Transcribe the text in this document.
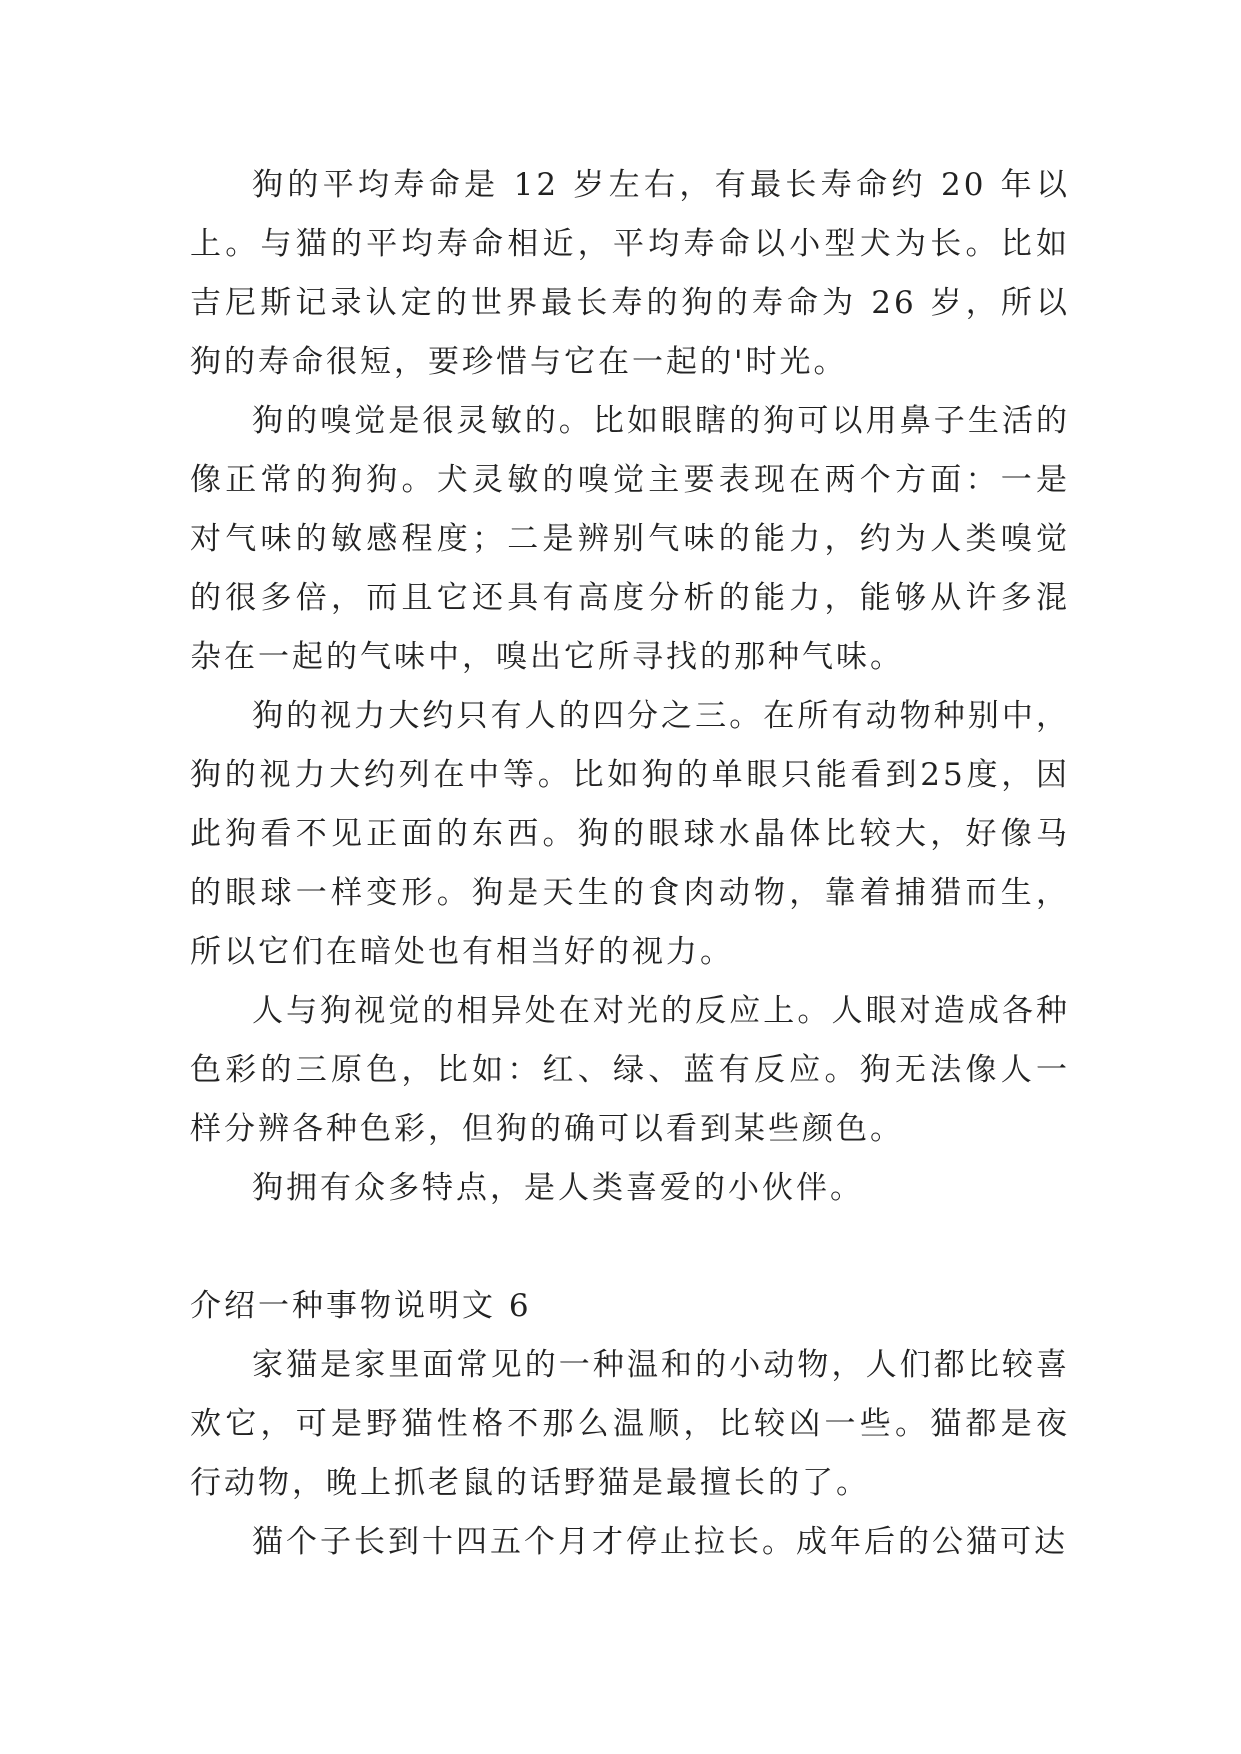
狗的平均寿命是 12 岁左右，有最长寿命约 20 年以上。与猫的平均寿命相近，平均寿命以小型犬为长。比如吉尼斯记录认定的世界最长寿的狗的寿命为 26 岁，所以狗的寿命很短，要珍惜与它在一起的'时光。

狗的嗅觉是很灵敏的。比如眼瞎的狗可以用鼻子生活的像正常的狗狗。犬灵敏的嗅觉主要表现在两个方面：一是对气味的敏感程度；二是辨别气味的能力，约为人类嗅觉的很多倍，而且它还具有高度分析的能力，能够从许多混杂在一起的气味中，嗅出它所寻找的那种气味。

狗的视力大约只有人的四分之三。在所有动物种别中，狗的视力大约列在中等。比如狗的单眼只能看到25度，因此狗看不见正面的东西。狗的眼球水晶体比较大，好像马的眼球一样变形。狗是天生的食肉动物，靠着捕猎而生，所以它们在暗处也有相当好的视力。

人与狗视觉的相异处在对光的反应上。人眼对造成各种色彩的三原色，比如：红、绿、蓝有反应。狗无法像人一样分辨各种色彩，但狗的确可以看到某些颜色。

狗拥有众多特点，是人类喜爱的小伙伴。

介绍一种事物说明文 6

家猫是家里面常见的一种温和的小动物，人们都比较喜欢它，可是野猫性格不那么温顺，比较凶一些。猫都是夜行动物，晚上抓老鼠的话野猫是最擅长的了。

猫个子长到十四五个月才停止拉长。成年后的公猫可达
